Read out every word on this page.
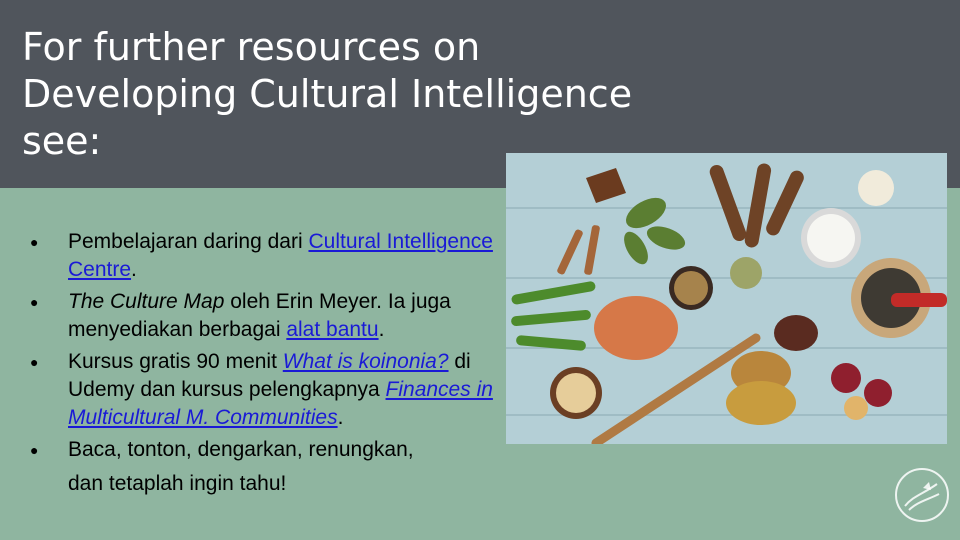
For further resources on
Developing Cultural Intelligence
see:
● Pembelajaran daring dari Cultural Intelligence Centre.
● The Culture Map oleh Erin Meyer. Ia juga menyediakan berbagai alat bantu.
● Kursus gratis 90 menit What is koinonia? di Udemy dan kursus pelengkapnya Finances in Multicultural M. Communities.
● Baca, tonton, dengarkan, renungkan,
dan tetaplah ingin tahu!
